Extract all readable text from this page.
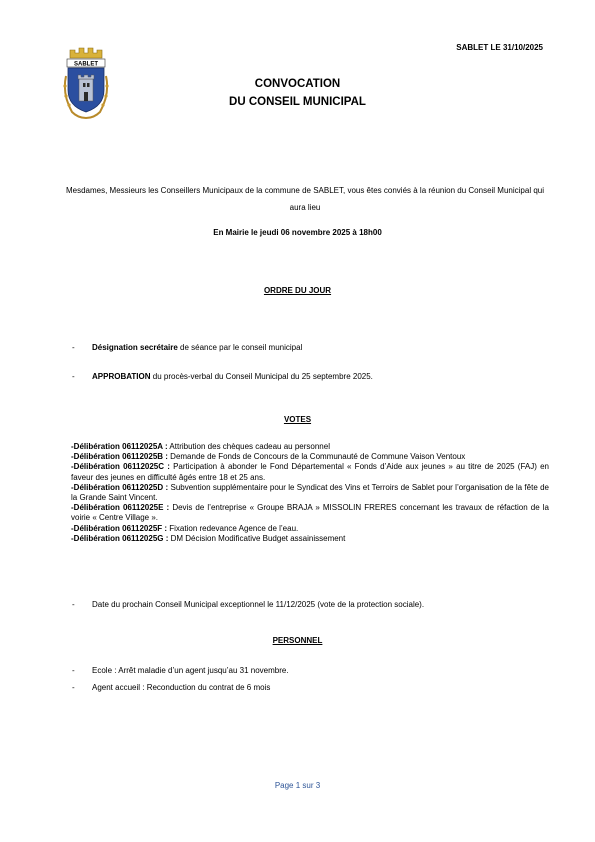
SABLET
SABLET LE 31/10/2025
CONVOCATION
DU CONSEIL MUNICIPAL
Mesdames, Messieurs les Conseillers Municipaux de la commune de SABLET, vous êtes conviés à la réunion du Conseil Municipal qui aura lieu
En Mairie le jeudi 06 novembre 2025 à 18h00
ORDRE DU JOUR
- Désignation secrétaire de séance par le conseil municipal
- APPROBATION du procès-verbal du Conseil Municipal du 25 septembre 2025.
VOTES

-Délibération 06112025A : Attribution des chèques cadeau au personnel

-Délibération 06112025B : Demande de Fonds de Concours de la Communauté de Commune Vaison Ventoux

-Délibération 06112025C : Participation à abonder le Fond Départemental « Fonds d’Aide aux jeunes » au titre de 2025 (FAJ) en faveur des jeunes en difficulté âgés entre 18 et 25 ans.

-Délibération 06112025D : Subvention supplémentaire pour le Syndicat des Vins et Terroirs de Sablet pour l’organisation de la fête de la Grande Saint Vincent.

-Délibération 06112025E : Devis de l’entreprise « Groupe BRAJA » MISSOLIN FRERES concernant les travaux de réfaction de la voirie « Centre Village ».

-Délibération 06112025F : Fixation redevance Agence de l’eau.

-Délibération 06112025G : DM Décision Modificative Budget assainissement

- Date du prochain Conseil Municipal exceptionnel le 11/12/2025 (vote de la protection sociale).
PERSONNEL
- Ecole : Arrêt maladie d’un agent jusqu’au 31 novembre.
- Agent accueil : Reconduction du contrat de 6 mois
Page 1 sur 3
